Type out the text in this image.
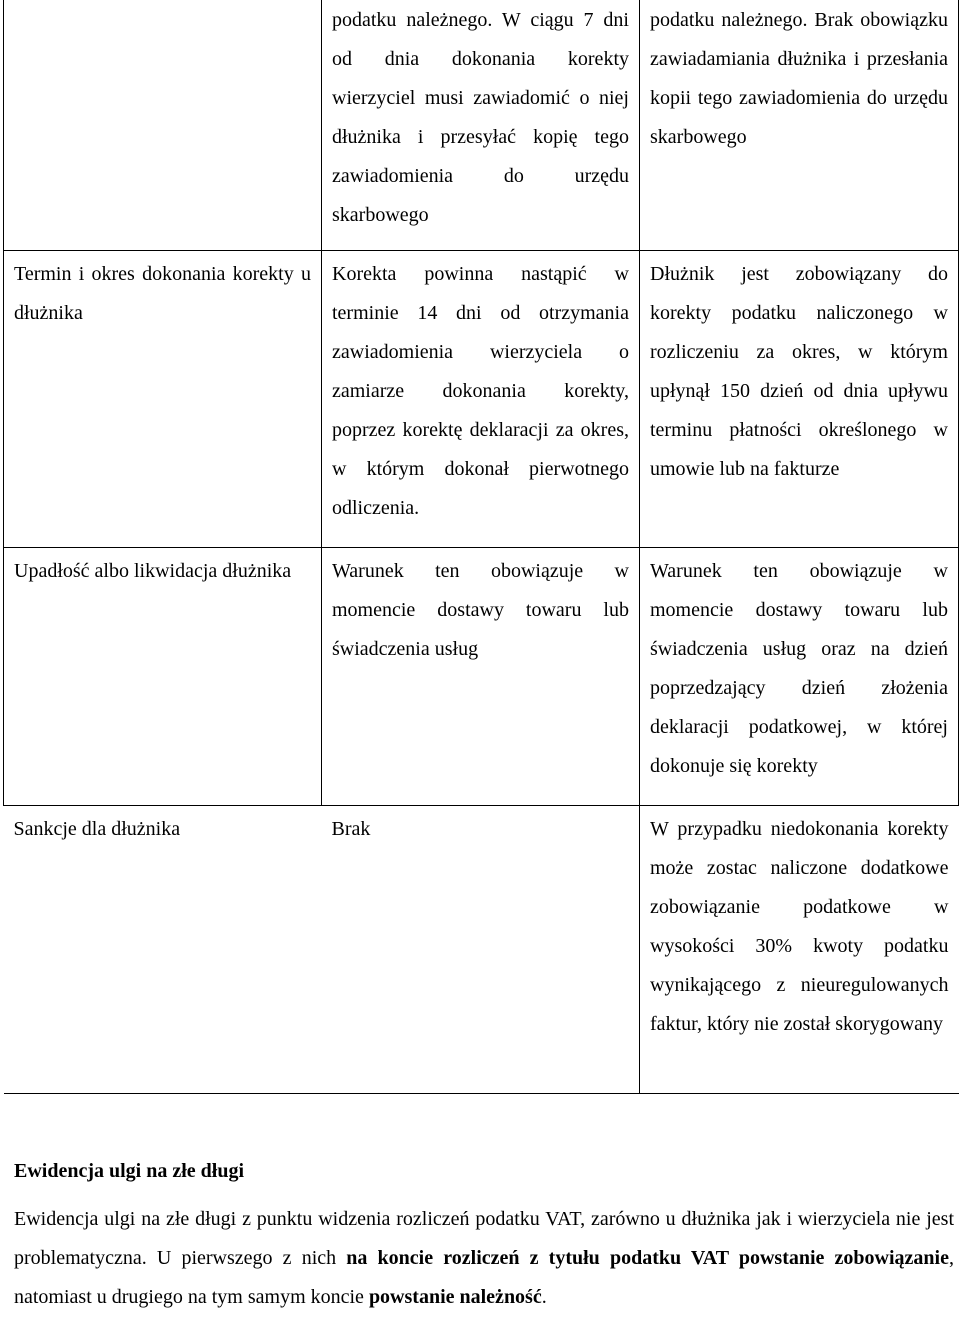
	podatku należnego. W ciągu 7 dni od dnia dokonania korekty wierzyciel musi zawiadomić o niej dłużnika i przesyłać kopię tego zawiadomienia do urzędu skarbowego	podatku należnego. Brak obowiązku zawiadamiania dłużnika i przesłania kopii tego zawiadomienia do urzędu skarbowego

Termin i okres dokonania korekty u dłużnika	Korekta powinna nastąpić w terminie 14 dni od otrzymania zawiadomienia wierzyciela o zamiarze dokonania korekty, poprzez korektę deklaracji za okres, w którym dokonał pierwotnego odliczenia.	Dłużnik jest zobowiązany do korekty podatku naliczonego w rozliczeniu za okres, w którym upłynął 150 dzień od dnia upływu terminu płatności określonego w umowie lub na fakturze

Upadłość albo likwidacja dłużnika	Warunek ten obowiązuje w momencie dostawy towaru lub świadczenia usług	Warunek ten obowiązuje w momencie dostawy towaru lub świadczenia usług oraz na dzień poprzedzający dzień złożenia deklaracji podatkowej, w której dokonuje się korekty

Sankcje dla dłużnika	Brak	W przypadku niedokonania korekty może zostac naliczone dodatkowe zobowiązanie podatkowe w wysokości 30% kwoty podatku wynikającego z nieuregulowanych faktur, który nie został skorygowany

Ewidencja ulgi na złe długi

Ewidencja ulgi na złe długi z punktu widzenia rozliczeń podatku VAT, zarówno u dłużnika jak i wierzyciela nie jest problematyczna. U pierwszego z nich na koncie rozliczeń z tytułu podatku VAT powstanie zobowiązanie, natomiast u drugiego na tym samym koncie powstanie należność.
